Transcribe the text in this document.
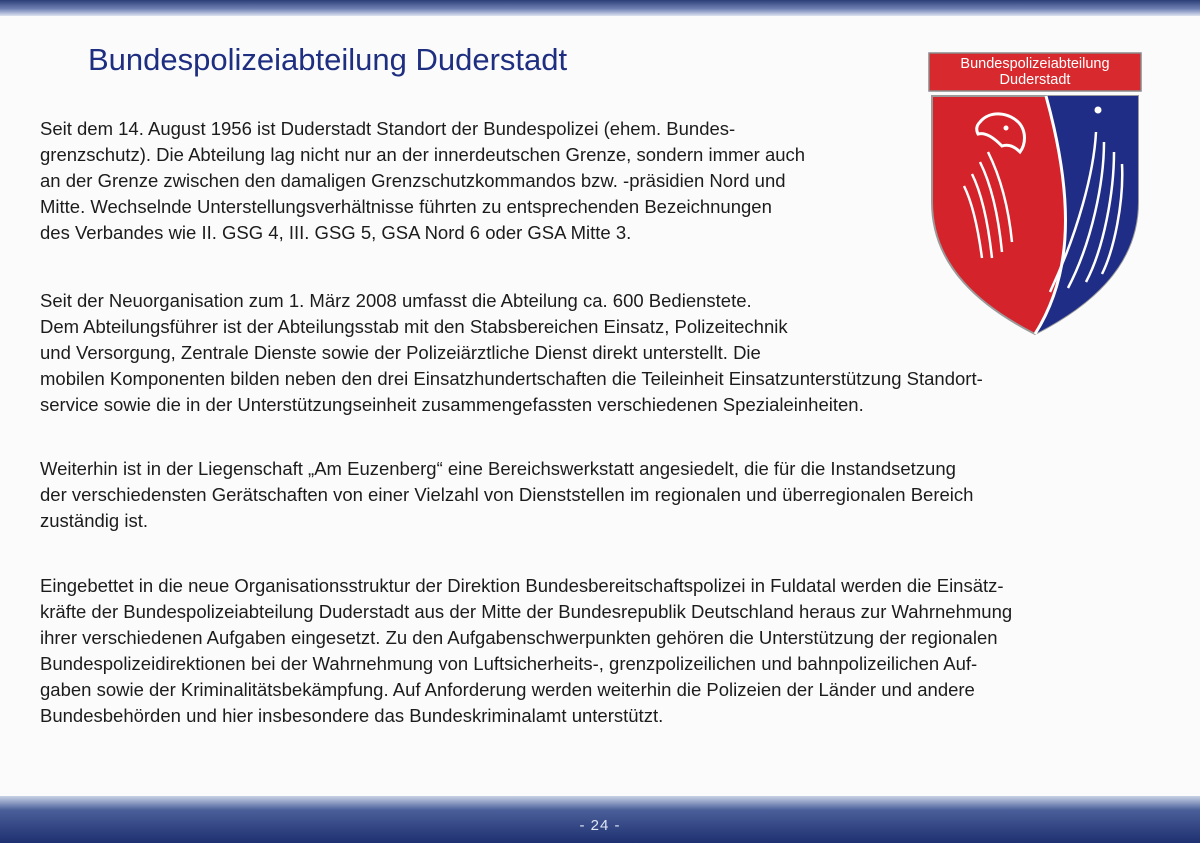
Bundespolizeiabteilung Duderstadt	Bundespolizeiabteilung
Duderstadt

Seit dem 14. August 1956 ist Duderstadt Standort der Bundespolizei (ehem. Bundes-
grenzschutz). Die Abteilung lag nicht nur an der innerdeutschen Grenze, sondern immer auch
an der Grenze zwischen den damaligen Grenzschutzkommandos bzw. -präsidien Nord und
Mitte. Wechselnde Unterstellungsverhältnisse führten zu entsprechenden Bezeichnungen
des Verbandes wie II. GSG 4, III. GSG 5, GSA Nord 6 oder GSA Mitte 3.

Seit der Neuorganisation zum 1. März 2008 umfasst die Abteilung ca. 600 Bedienstete.
Dem Abteilungsführer ist der Abteilungsstab mit den Stabsbereichen Einsatz, Polizeitechnik
und Versorgung, Zentrale Dienste sowie der Polizeiärztliche Dienst direkt unterstellt. Die
mobilen Komponenten bilden neben den drei Einsatzhundertschaften die Teileinheit Einsatzunterstützung Standort-
service sowie die in der Unterstützungseinheit zusammengefassten verschiedenen Spezialeinheiten.

Weiterhin ist in der Liegenschaft „Am Euzenberg“ eine Bereichswerkstatt angesiedelt, die für die Instandsetzung
der verschiedensten Gerätschaften von einer Vielzahl von Dienststellen im regionalen und überregionalen Bereich
zuständig ist.

Eingebettet in die neue Organisationsstruktur der Direktion Bundesbereitschaftspolizei in Fuldatal werden die Einsätz-
kräfte der Bundespolizeiabteilung Duderstadt aus der Mitte der Bundesrepublik Deutschland heraus zur Wahrnehmung
ihrer verschiedenen Aufgaben eingesetzt. Zu den Aufgabenschwerpunkten gehören die Unterstützung der regionalen
Bundespolizeidirektionen bei der Wahrnehmung von Luftsicherheits-, grenzpolizeilichen und bahnpolizeilichen Auf-
gaben sowie der Kriminalitätsbekämpfung. Auf Anforderung werden weiterhin die Polizeien der Länder und andere
Bundesbehörden und hier insbesondere das Bundeskriminalamt unterstützt.

- 24 -
